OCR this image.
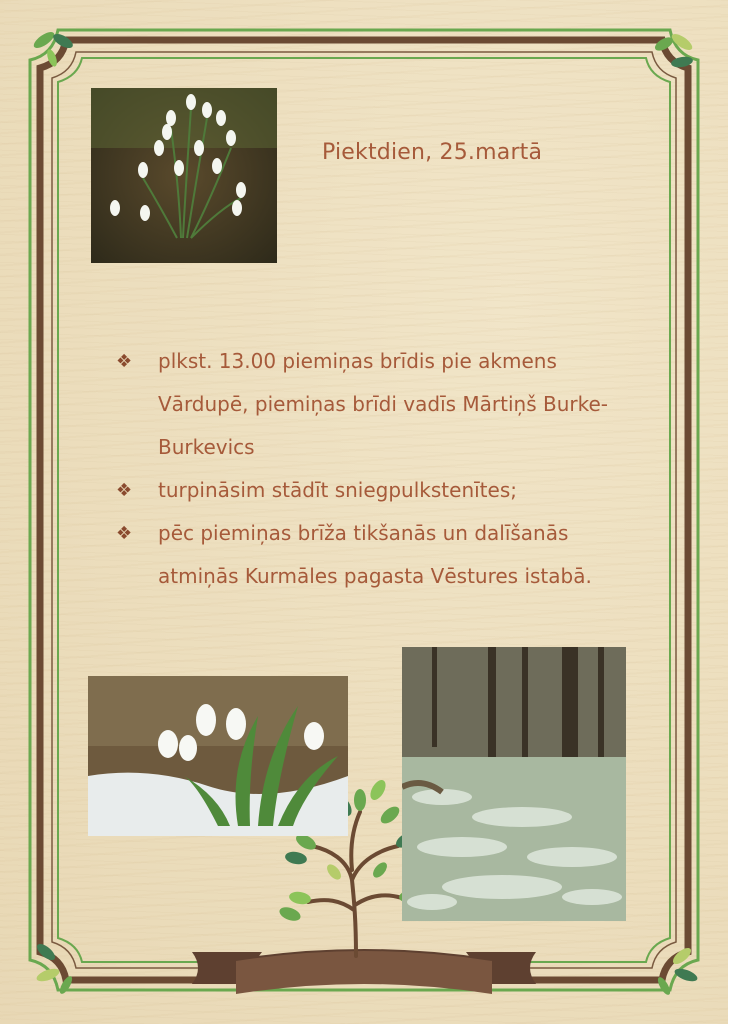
Piektdien, 25.martā
❖	plkst. 13.00 piemiņas brīdis pie akmens Vārdupē, piemiņas brīdi vadīs Mārtiņš Burke-Burkevics
❖	turpināsim stādīt sniegpulkstenītes;
❖	pēc piemiņas brīža tikšanās un dalīšanās atmiņās Kurmāles pagasta Vēstures istabā.
